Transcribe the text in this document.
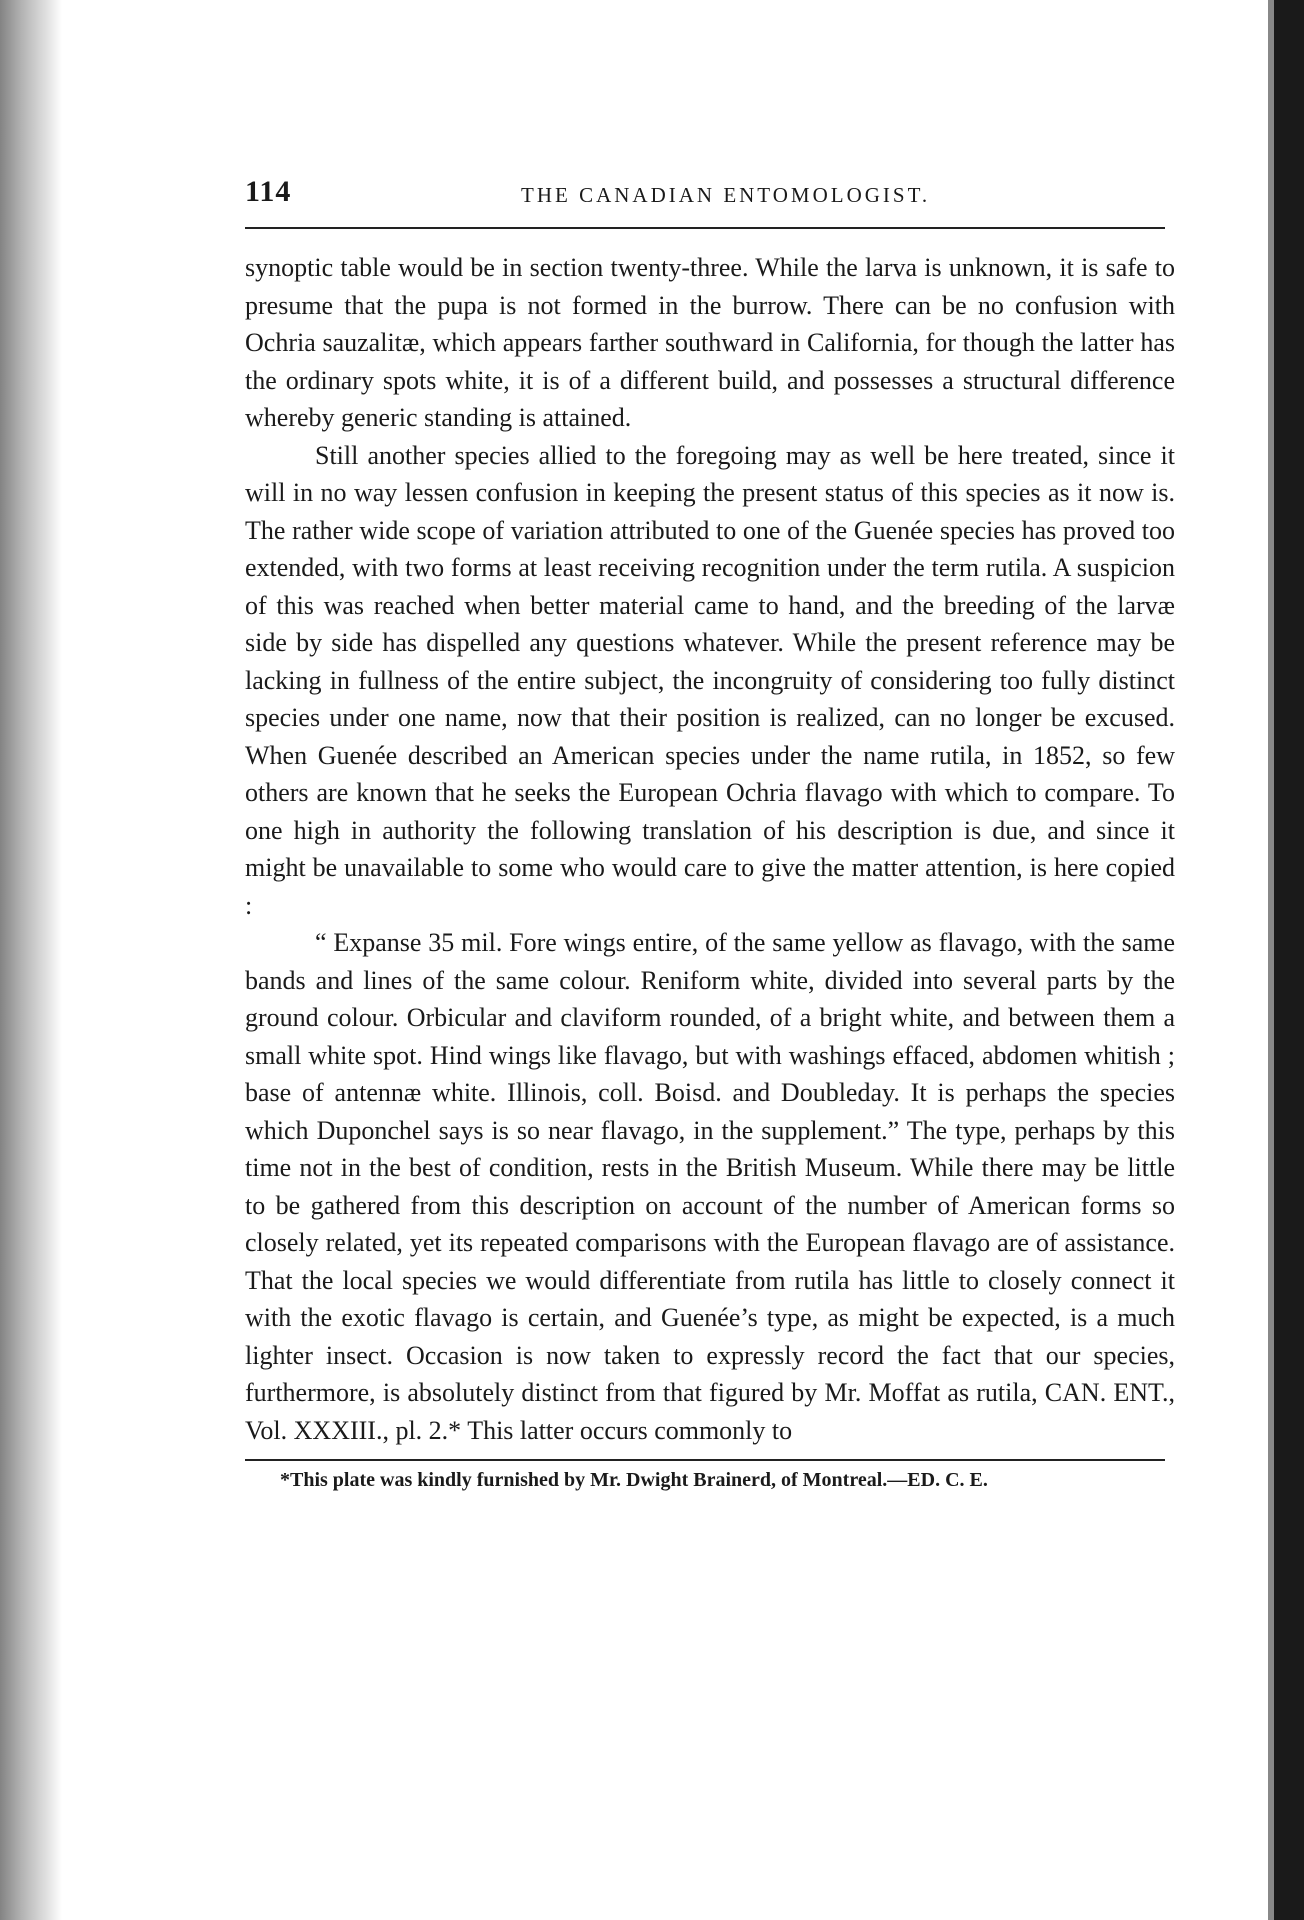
114	THE CANADIAN ENTOMOLOGIST.

synoptic table would be in section twenty-three. While the larva is unknown, it is safe to presume that the pupa is not formed in the burrow. There can be no confusion with Ochria sauzalitæ, which appears farther southward in California, for though the latter has the ordinary spots white, it is of a different build, and possesses a structural difference whereby generic standing is attained.

Still another species allied to the foregoing may as well be here treated, since it will in no way lessen confusion in keeping the present status of this species as it now is. The rather wide scope of variation attributed to one of the Guenée species has proved too extended, with two forms at least receiving recognition under the term rutila. A suspicion of this was reached when better material came to hand, and the breeding of the larvæ side by side has dispelled any questions whatever. While the present reference may be lacking in fullness of the entire subject, the incongruity of considering too fully distinct species under one name, now that their position is realized, can no longer be excused. When Guenée described an American species under the name rutila, in 1852, so few others are known that he seeks the European Ochria flavago with which to compare. To one high in authority the following translation of his description is due, and since it might be unavailable to some who would care to give the matter attention, is here copied :

“ Expanse 35 mil. Fore wings entire, of the same yellow as flavago, with the same bands and lines of the same colour. Reniform white, divided into several parts by the ground colour. Orbicular and claviform rounded, of a bright white, and between them a small white spot. Hind wings like flavago, but with washings effaced, abdomen whitish ; base of antennæ white. Illinois, coll. Boisd. and Doubleday. It is perhaps the species which Duponchel says is so near flavago, in the supplement.” The type, perhaps by this time not in the best of condition, rests in the British Museum. While there may be little to be gathered from this description on account of the number of American forms so closely related, yet its repeated comparisons with the European flavago are of assistance. That the local species we would differentiate from rutila has little to closely connect it with the exotic flavago is certain, and Guenée’s type, as might be expected, is a much lighter insect. Occasion is now taken to expressly record the fact that our species, furthermore, is absolutely distinct from that figured by Mr. Moffat as rutila, CAN. ENT., Vol. XXXIII., pl. 2.* This latter occurs commonly to

*This plate was kindly furnished by Mr. Dwight Brainerd, of Montreal.—ED. C. E.
